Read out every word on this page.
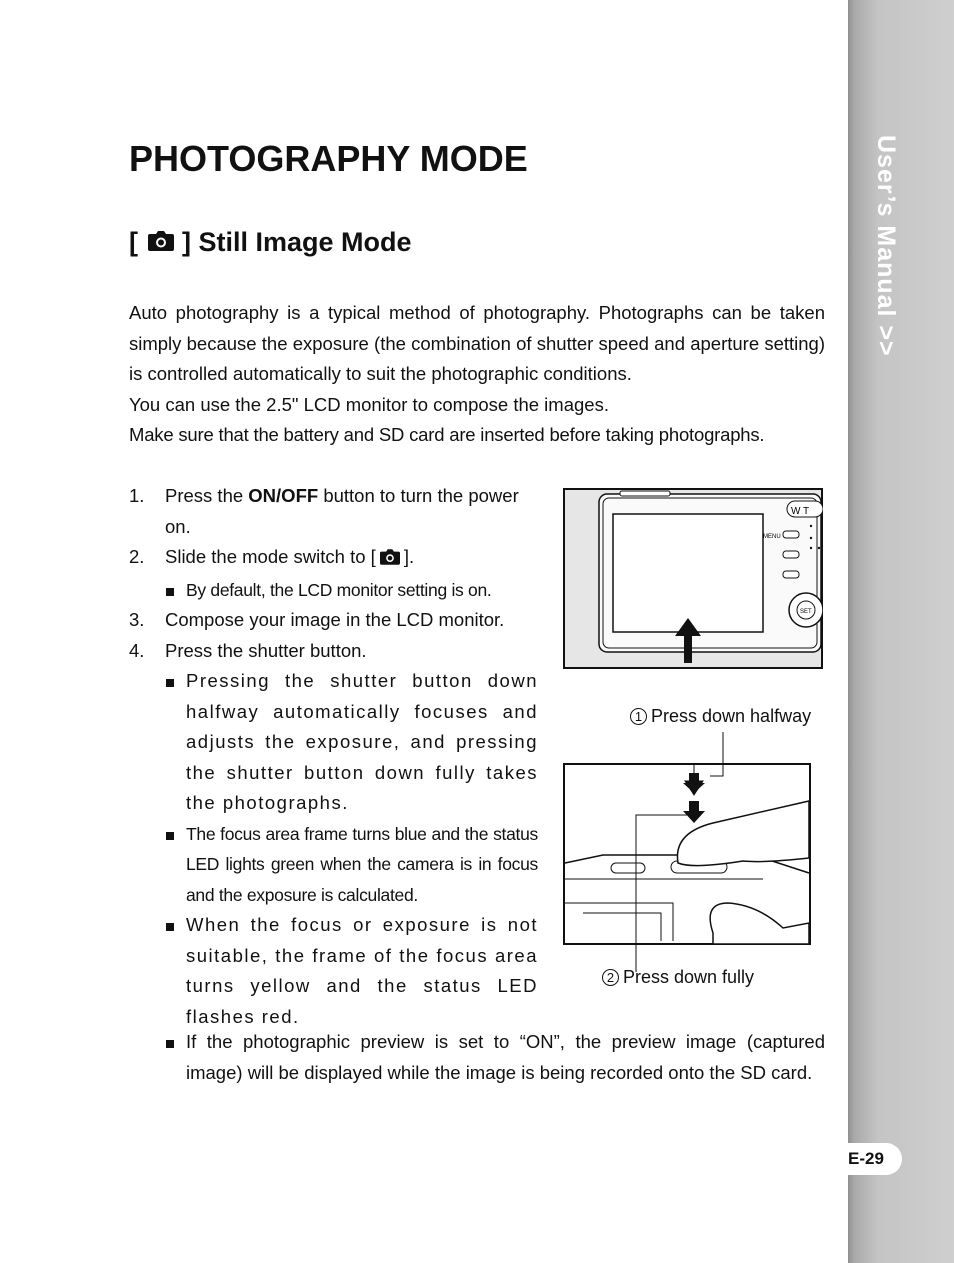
User’s Manual >>
E-29
PHOTOGRAPHY MODE
[ ] Still Image Mode

Auto photography is a typical method of photography. Photographs can be taken simply because the exposure (the combination of shutter speed and aperture setting) is controlled automatically to suit the photographic conditions.

You can use the 2.5" LCD monitor to compose the images.

Make sure that the battery and SD card are inserted before taking photographs.

1. Press the ON/OFF button to turn the power on.
2. Slide the mode switch to [ ].
By default, the LCD monitor setting is on.
3. Compose your image in the LCD monitor.
4. Press the shutter button.
Pressing the shutter button down halfway automatically focuses and adjusts the exposure, and pressing the shutter button down fully takes the photographs.
The focus area frame turns blue and the status LED lights green when the camera is in focus and the exposure is calculated.
When the focus or exposure is not suitable, the frame of the focus area turns yellow and the status LED flashes red.
If the photographic preview is set to “ON”, the preview image (captured image) will be displayed while the image is being recorded onto the SD card.
W T
MENU
SET
1 Press down halfway
2 Press down fully
